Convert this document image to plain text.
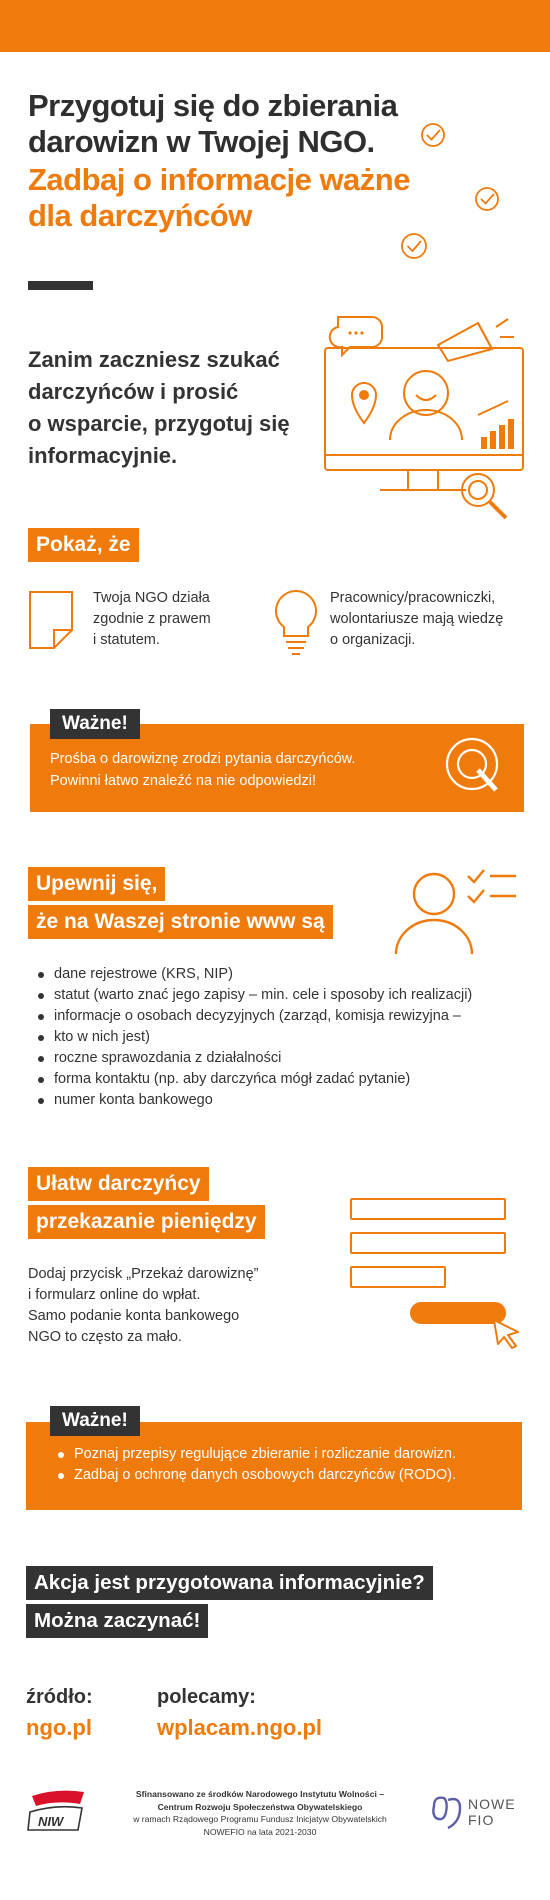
Przygotuj się do zbierania
darowizn w Twojej NGO.
Zadbaj o informacje ważne
dla darczyńców
Zanim zaczniesz szukać
darczyńców i prosić
o wsparcie, przygotuj się
informacyjnie.
Pokaż, że
Twoja NGO działa
zgodnie z prawem
i statutem.
Pracownicy/pracowniczki,
wolontariusze mają wiedzę
o organizacji.
Ważne!
Prośba o darowiznę zrodzi pytania darczyńców.
Powinni łatwo znaleźć na nie odpowiedzi!
Upewnij się,
że na Waszej stronie www są
dane rejestrowe (KRS, NIP)
statut (warto znać jego zapisy – min. cele i sposoby ich realizacji)
informacje o osobach decyzyjnych (zarząd, komisja rewizyjna –
kto w nich jest)
roczne sprawozdania z działalności
forma kontaktu (np. aby darczyńca mógł zadać pytanie)
numer konta bankowego
Ułatw darczyńcy
przekazanie pieniędzy
Dodaj przycisk „Przekaż darowiznę”
i formularz online do wpłat.
Samo podanie konta bankowego
NGO to często za mało.
Ważne!
Poznaj przepisy regulujące zbieranie i rozliczanie darowizn.
Zadbaj o ochronę danych osobowych darczyńców (RODO).
Akcja jest przygotowana informacyjnie?
Można zaczynać!
źródło:
ngo.pl
polecamy:
wplacam.ngo.pl
NIW
Sfinansowano ze środków Narodowego Instytutu Wolności –
Centrum Rozwoju Społeczeństwa Obywatelskiego
w ramach Rządowego Programu Fundusz Inicjatyw Obywatelskich
NOWEFIO na lata 2021-2030
NOWE
FIO
